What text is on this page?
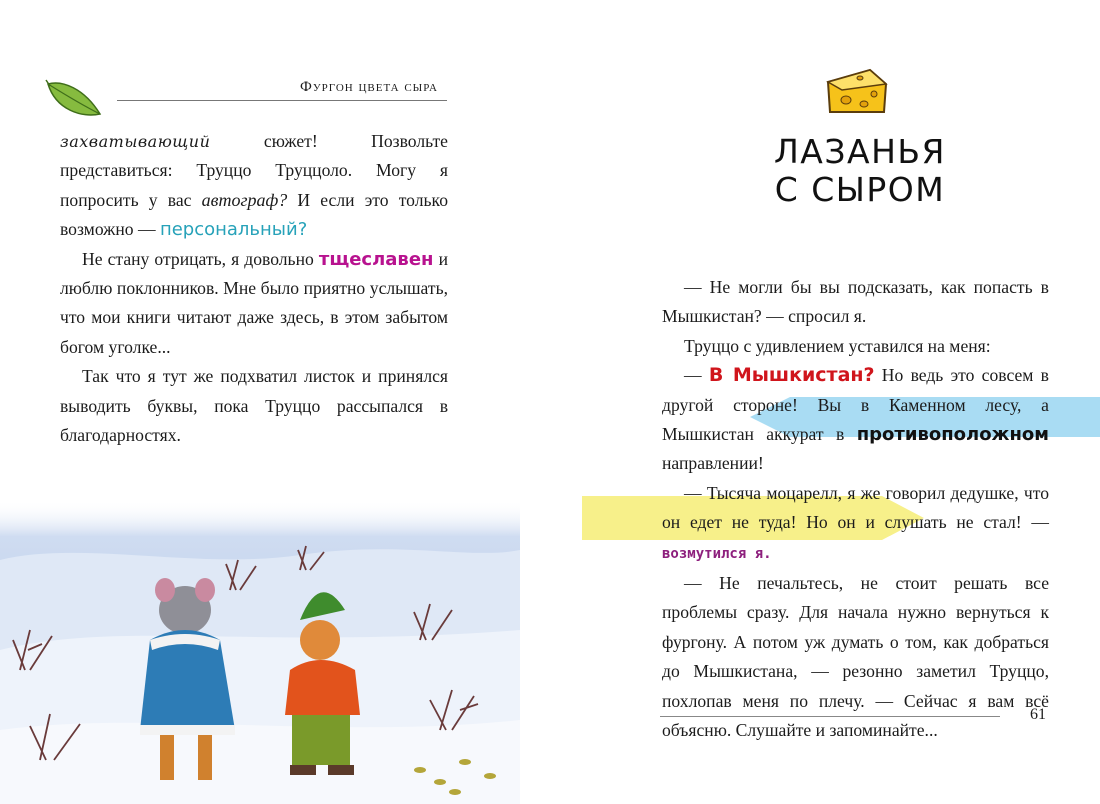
Фургон цвета сыра

захватывающий сюжет! Позвольте представиться: Труццо Труццоло. Могу я попросить у вас автограф? И если это только возможно — персональный?

Не стану отрицать, я довольно тщеславен и люблю поклонников. Мне было приятно услышать, что мои книги читают даже здесь, в этом забытом богом уголке...

Так что я тут же подхватил листок и принялся выводить буквы, пока Труццо рассыпался в благодарностях.

ЛАЗАНЬЯ
С СЫРОМ

— Не могли бы вы подсказать, как попасть в Мышкистан? — спросил я.

Труццо с удивлением уставился на меня:

— В Мышкистан? Но ведь это совсем в другой стороне! Вы в Каменном лесу, а Мышкистан аккурат в противоположном направлении!

— Тысяча моцарелл, я же говорил дедушке, что он едет не туда! Но он и слушать не стал! — возмутился я.

— Не печальтесь, не стоит решать все проблемы сразу. Для начала нужно вернуться к фургону. А потом уж думать о том, как добраться до Мышкистана, — резонно заметил Труццо, похлопав меня по плечу. — Сейчас я вам всё объясню. Слушайте и запоминайте...

61
